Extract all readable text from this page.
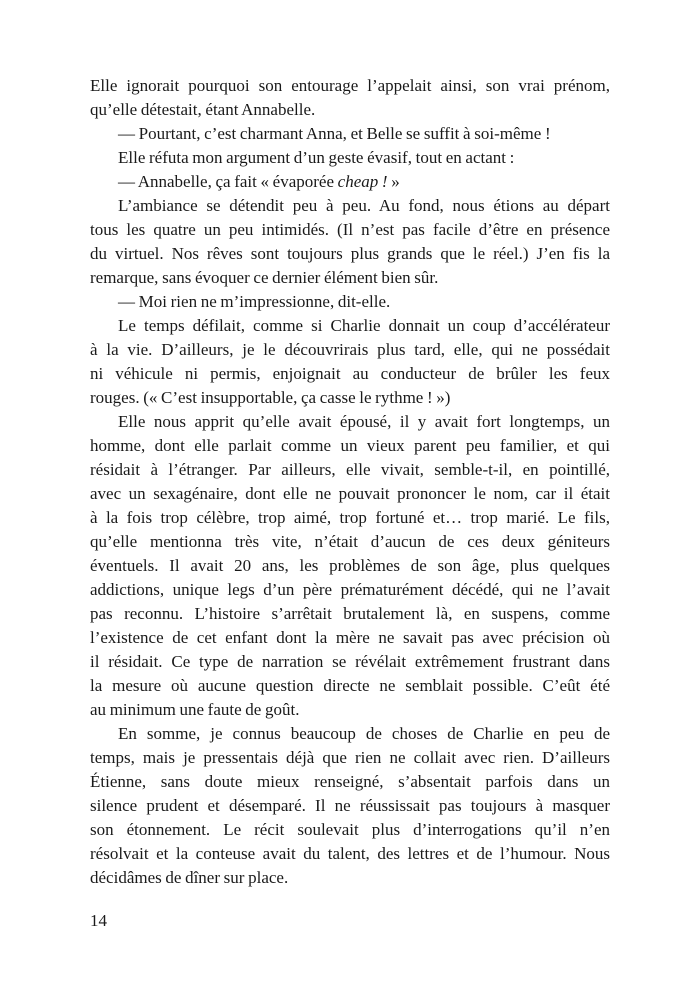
Elle ignorait pourquoi son entourage l’appelait ainsi, son vrai prénom,
qu’elle détestait, étant Annabelle.

— Pourtant, c’est charmant Anna, et Belle se suffit à soi-même !

Elle réfuta mon argument d’un geste évasif, tout en actant :

— Annabelle, ça fait « évaporée cheap ! »

L’ambiance se détendit peu à peu. Au fond, nous étions au départ
tous les quatre un peu intimidés. (Il n’est pas facile d’être en présence
du virtuel. Nos rêves sont toujours plus grands que le réel.) J’en fis la
remarque, sans évoquer ce dernier élément bien sûr.

— Moi rien ne m’impressionne, dit-elle.

Le temps défilait, comme si Charlie donnait un coup d’accélérateur
à la vie. D’ailleurs, je le découvrirais plus tard, elle, qui ne possédait
ni véhicule ni permis, enjoignait au conducteur de brûler les feux
rouges. (« C’est insupportable, ça casse le rythme ! »)

Elle nous apprit qu’elle avait épousé, il y avait fort longtemps, un
homme, dont elle parlait comme un vieux parent peu familier, et qui
résidait à l’étranger. Par ailleurs, elle vivait, semble-t-il, en pointillé,
avec un sexagénaire, dont elle ne pouvait prononcer le nom, car il était
à la fois trop célèbre, trop aimé, trop fortuné et… trop marié. Le fils,
qu’elle mentionna très vite, n’était d’aucun de ces deux géniteurs
éventuels. Il avait 20 ans, les problèmes de son âge, plus quelques
addictions, unique legs d’un père prématurément décédé, qui ne l’avait
pas reconnu. L’histoire s’arrêtait brutalement là, en suspens, comme
l’existence de cet enfant dont la mère ne savait pas avec précision où
il résidait. Ce type de narration se révélait extrêmement frustrant dans
la mesure où aucune question directe ne semblait possible. C’eût été
au minimum une faute de goût.

En somme, je connus beaucoup de choses de Charlie en peu de
temps, mais je pressentais déjà que rien ne collait avec rien. D’ailleurs
Étienne, sans doute mieux renseigné, s’absentait parfois dans un
silence prudent et désemparé. Il ne réussissait pas toujours à masquer
son étonnement. Le récit soulevait plus d’interrogations qu’il n’en
résolvait et la conteuse avait du talent, des lettres et de l’humour. Nous
décidâmes de dîner sur place.

14
